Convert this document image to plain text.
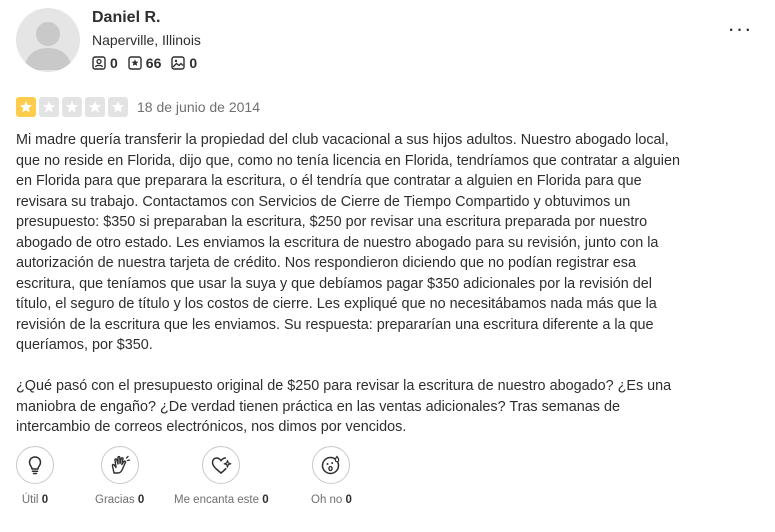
Daniel R.
Naperville, Illinois
0 66 0
···
18 de junio de 2014

Mi madre quería transferir la propiedad del club vacacional a sus hijos adultos. Nuestro abogado local, que no reside en Florida, dijo que, como no tenía licencia en Florida, tendríamos que contratar a alguien en Florida para que preparara la escritura, o él tendría que contratar a alguien en Florida para que revisara su trabajo. Contactamos con Servicios de Cierre de Tiempo Compartido y obtuvimos un presupuesto: $350 si preparaban la escritura, $250 por revisar una escritura preparada por nuestro abogado de otro estado. Les enviamos la escritura de nuestro abogado para su revisión, junto con la autorización de nuestra tarjeta de crédito. Nos respondieron diciendo que no podían registrar esa escritura, que teníamos que usar la suya y que debíamos pagar $350 adicionales por la revisión del título, el seguro de título y los costos de cierre. Les expliqué que no necesitábamos nada más que la revisión de la escritura que les enviamos. Su respuesta: prepararían una escritura diferente a la que queríamos, por $350.

¿Qué pasó con el presupuesto original de $250 para revisar la escritura de nuestro abogado? ¿Es una maniobra de engaño? ¿De verdad tienen práctica en las ventas adicionales? Tras semanas de intercambio de correos electrónicos, nos dimos por vencidos.

Útil 0	Gracias 0	Me encanta este 0	Oh no 0
